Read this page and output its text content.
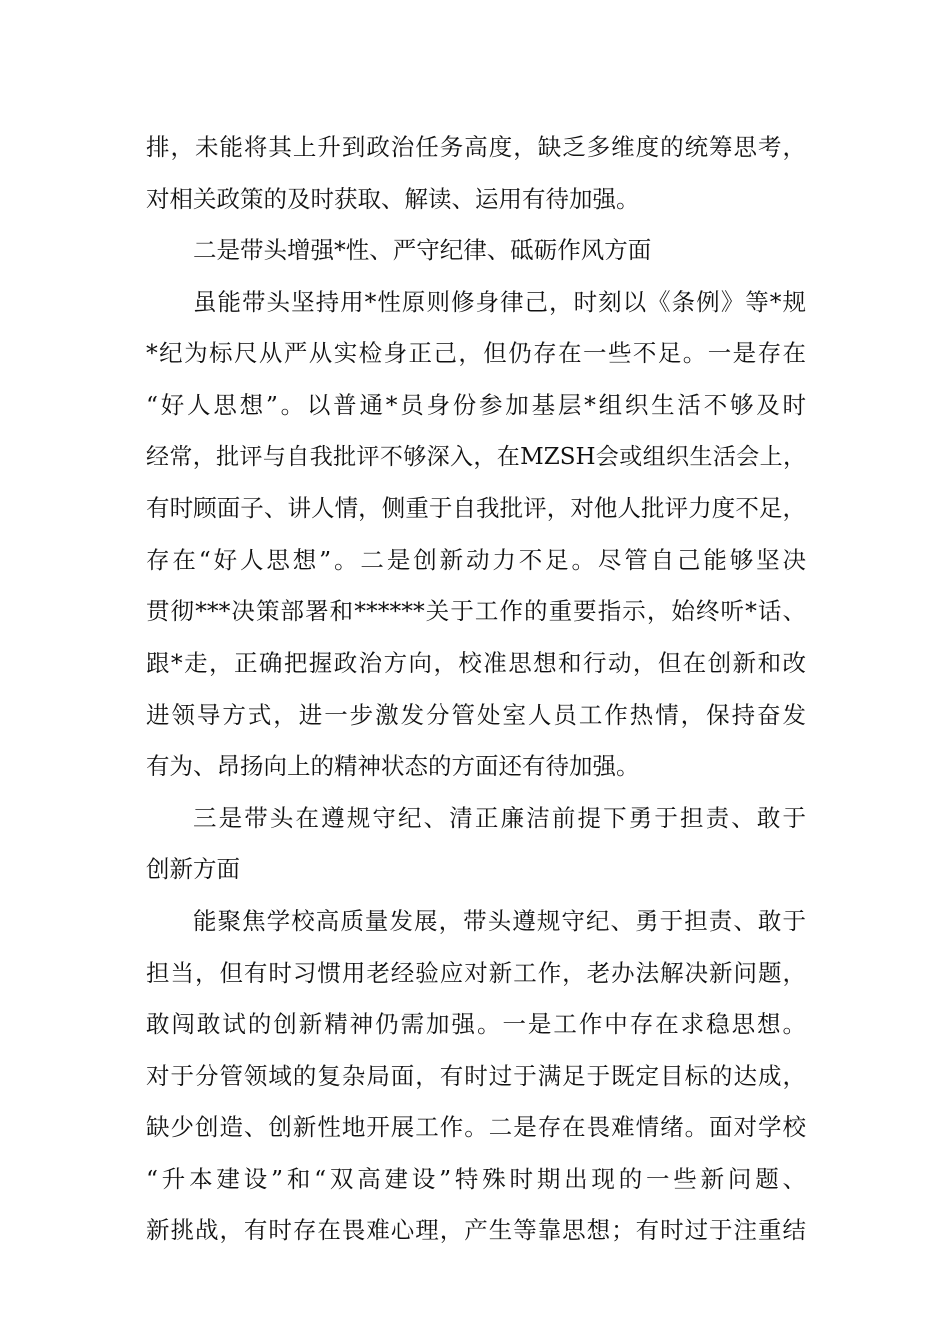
排，未能将其上升到政治任务高度，缺乏多维度的统筹思考，
对相关政策的及时获取、解读、运用有待加强。
二是带头增强*性、严守纪律、砥砺作风方面
虽能带头坚持用*性原则修身律己，时刻以《条例》等*规
*纪为标尺从严从实检身正己，但仍存在一些不足。一是存在
“好人思想”。以普通*员身份参加基层*组织生活不够及时
经常，批评与自我批评不够深入，在MZSH会或组织生活会上，
有时顾面子、讲人情，侧重于自我批评，对他人批评力度不足，
存在“好人思想”。二是创新动力不足。尽管自己能够坚决
贯彻***决策部署和******关于工作的重要指示，始终听*话、
跟*走，正确把握政治方向，校准思想和行动，但在创新和改
进领导方式，进一步激发分管处室人员工作热情，保持奋发
有为、昂扬向上的精神状态的方面还有待加强。
三是带头在遵规守纪、清正廉洁前提下勇于担责、敢于
创新方面
能聚焦学校高质量发展，带头遵规守纪、勇于担责、敢于
担当，但有时习惯用老经验应对新工作，老办法解决新问题，
敢闯敢试的创新精神仍需加强。一是工作中存在求稳思想。
对于分管领域的复杂局面，有时过于满足于既定目标的达成，
缺少创造、创新性地开展工作。二是存在畏难情绪。面对学校
“升本建设”和“双高建设”特殊时期出现的一些新问题、
新挑战，有时存在畏难心理，产生等靠思想；有时过于注重结
